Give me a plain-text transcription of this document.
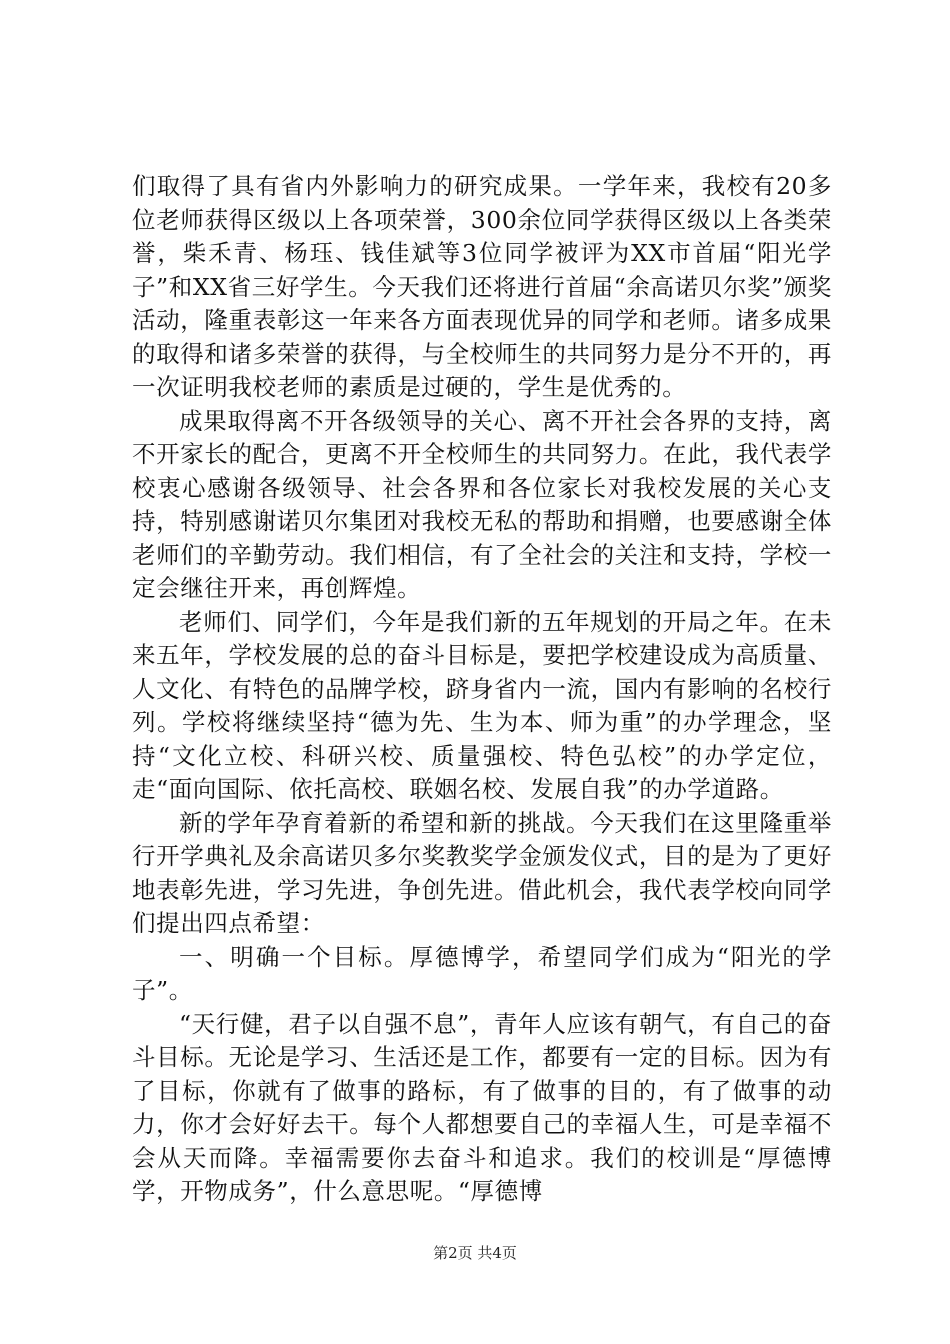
们取得了具有省内外影响力的研究成果。一学年来，我校有20多位老师获得区级以上各项荣誉，300余位同学获得区级以上各类荣誉，柴禾青、杨珏、钱佳斌等3位同学被评为XX市首届“阳光学子”和XX省三好学生。今天我们还将进行首届“余高诺贝尔奖”颁奖活动，隆重表彰这一年来各方面表现优异的同学和老师。诸多成果的取得和诸多荣誉的获得，与全校师生的共同努力是分不开的，再一次证明我校老师的素质是过硬的，学生是优秀的。

成果取得离不开各级领导的关心、离不开社会各界的支持，离不开家长的配合，更离不开全校师生的共同努力。在此，我代表学校衷心感谢各级领导、社会各界和各位家长对我校发展的关心支持，特别感谢诺贝尔集团对我校无私的帮助和捐赠，也要感谢全体老师们的辛勤劳动。我们相信，有了全社会的关注和支持，学校一定会继往开来，再创辉煌。

老师们、同学们，今年是我们新的五年规划的开局之年。在未来五年，学校发展的总的奋斗目标是，要把学校建设成为高质量、人文化、有特色的品牌学校，跻身省内一流，国内有影响的名校行列。学校将继续坚持“德为先、生为本、师为重”的办学理念，坚持“文化立校、科研兴校、质量强校、特色弘校”的办学定位，走“面向国际、依托高校、联姻名校、发展自我”的办学道路。

新的学年孕育着新的希望和新的挑战。今天我们在这里隆重举行开学典礼及余高诺贝多尔奖教奖学金颁发仪式，目的是为了更好地表彰先进，学习先进，争创先进。借此机会，我代表学校向同学们提出四点希望：

一、明确一个目标。厚德博学，希望同学们成为“阳光的学子”。

“天行健，君子以自强不息”，青年人应该有朝气，有自己的奋斗目标。无论是学习、生活还是工作，都要有一定的目标。因为有了目标，你就有了做事的路标，有了做事的目的，有了做事的动力，你才会好好去干。每个人都想要自己的幸福人生，可是幸福不会从天而降。幸福需要你去奋斗和追求。我们的校训是“厚德博学，开物成务”，什么意思呢。“厚德博

第2页 共4页
